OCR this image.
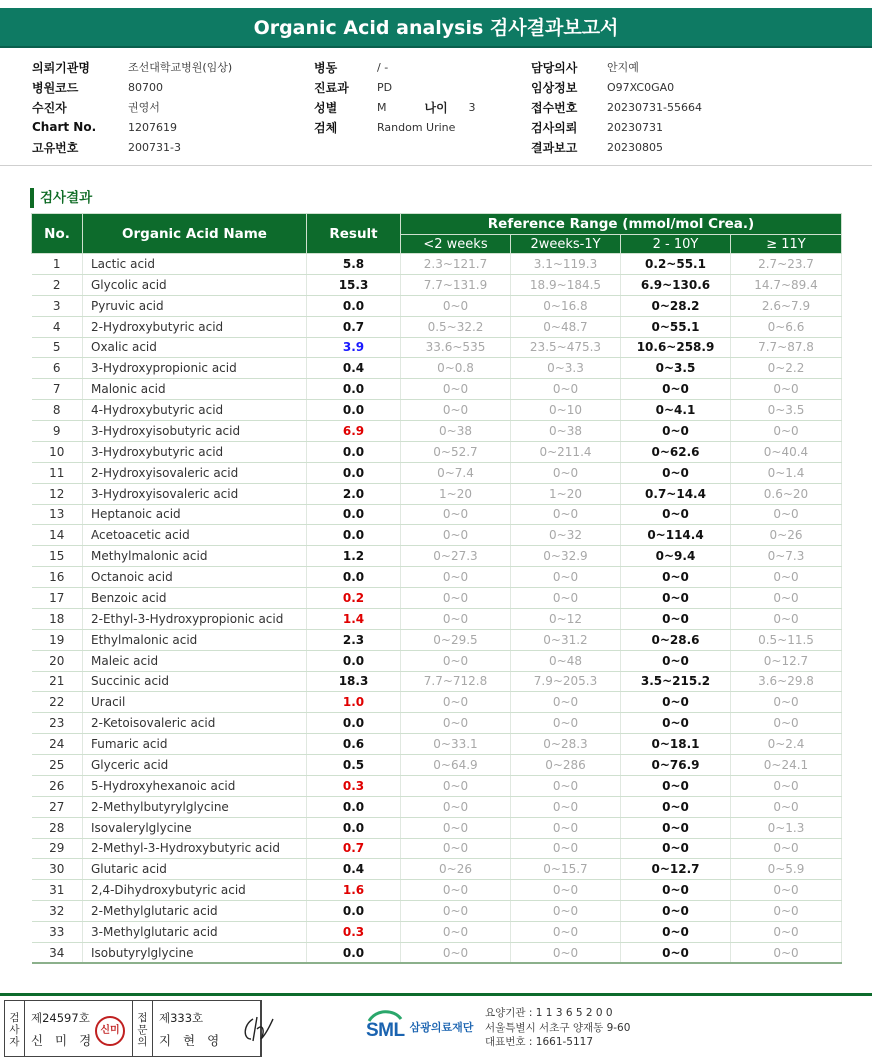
Organic Acid analysis 검사결과보고서
의뢰기관명	조선대학교병원(임상)
병원코드	80700
수진자	권영서
Chart No.	1207619
고유번호	200731-3
병동	/ -
진료과	PD
성별	M	나이	3
검체	Random Urine
담당의사	안지예
임상정보	O97XC0GA0
접수번호	20230731-55664
검사의뢰	20230731
결과보고	20230805
검사결과
No.	Organic Acid Name	Result	Reference Range (mmol/mol Crea.)			
			<2 weeks	2weeks-1Y	2 - 10Y	≥ 11Y
1	Lactic acid	5.8	2.3~121.7	3.1~119.3	0.2~55.1	2.7~23.7
2	Glycolic acid	15.3	7.7~131.9	18.9~184.5	6.9~130.6	14.7~89.4
3	Pyruvic acid	0.0	0~0	0~16.8	0~28.2	2.6~7.9
4	2-Hydroxybutyric acid	0.7	0.5~32.2	0~48.7	0~55.1	0~6.6
5	Oxalic acid	3.9	33.6~535	23.5~475.3	10.6~258.9	7.7~87.8
6	3-Hydroxypropionic acid	0.4	0~0.8	0~3.3	0~3.5	0~2.2
7	Malonic acid	0.0	0~0	0~0	0~0	0~0
8	4-Hydroxybutyric acid	0.0	0~0	0~10	0~4.1	0~3.5
9	3-Hydroxyisobutyric acid	6.9	0~38	0~38	0~0	0~0
10	3-Hydroxybutyric acid	0.0	0~52.7	0~211.4	0~62.6	0~40.4
11	2-Hydroxyisovaleric acid	0.0	0~7.4	0~0	0~0	0~1.4
12	3-Hydroxyisovaleric acid	2.0	1~20	1~20	0.7~14.4	0.6~20
13	Heptanoic acid	0.0	0~0	0~0	0~0	0~0
14	Acetoacetic acid	0.0	0~0	0~32	0~114.4	0~26
15	Methylmalonic acid	1.2	0~27.3	0~32.9	0~9.4	0~7.3
16	Octanoic acid	0.0	0~0	0~0	0~0	0~0
17	Benzoic acid	0.2	0~0	0~0	0~0	0~0
18	2-Ethyl-3-Hydroxypropionic acid	1.4	0~0	0~12	0~0	0~0
19	Ethylmalonic acid	2.3	0~29.5	0~31.2	0~28.6	0.5~11.5
20	Maleic acid	0.0	0~0	0~48	0~0	0~12.7
21	Succinic acid	18.3	7.7~712.8	7.9~205.3	3.5~215.2	3.6~29.8
22	Uracil	1.0	0~0	0~0	0~0	0~0
23	2-Ketoisovaleric acid	0.0	0~0	0~0	0~0	0~0
24	Fumaric acid	0.6	0~33.1	0~28.3	0~18.1	0~2.4
25	Glyceric acid	0.5	0~64.9	0~286	0~76.9	0~24.1
26	5-Hydroxyhexanoic acid	0.3	0~0	0~0	0~0	0~0
27	2-Methylbutyrylglycine	0.0	0~0	0~0	0~0	0~0
28	Isovalerylglycine	0.0	0~0	0~0	0~0	0~1.3
29	2-Methyl-3-Hydroxybutyric acid	0.7	0~0	0~0	0~0	0~0
30	Glutaric acid	0.4	0~26	0~15.7	0~12.7	0~5.9
31	2,4-Dihydroxybutyric acid	1.6	0~0	0~0	0~0	0~0
32	2-Methylglutaric acid	0.0	0~0	0~0	0~0	0~0
33	3-Methylglutaric acid	0.3	0~0	0~0	0~0	0~0
34	Isobutyrylglycine	0.0	0~0	0~0	0~0	0~0
검
사
자
제24597호
신 미 경
신미
접
문
의
제333호
지 현 영	SML 삼광의료재단
요양기관 : 1 1 3 6 5 2 0 0
서울특별시 서초구 양재동 9-60
대표번호 : 1661-5117
